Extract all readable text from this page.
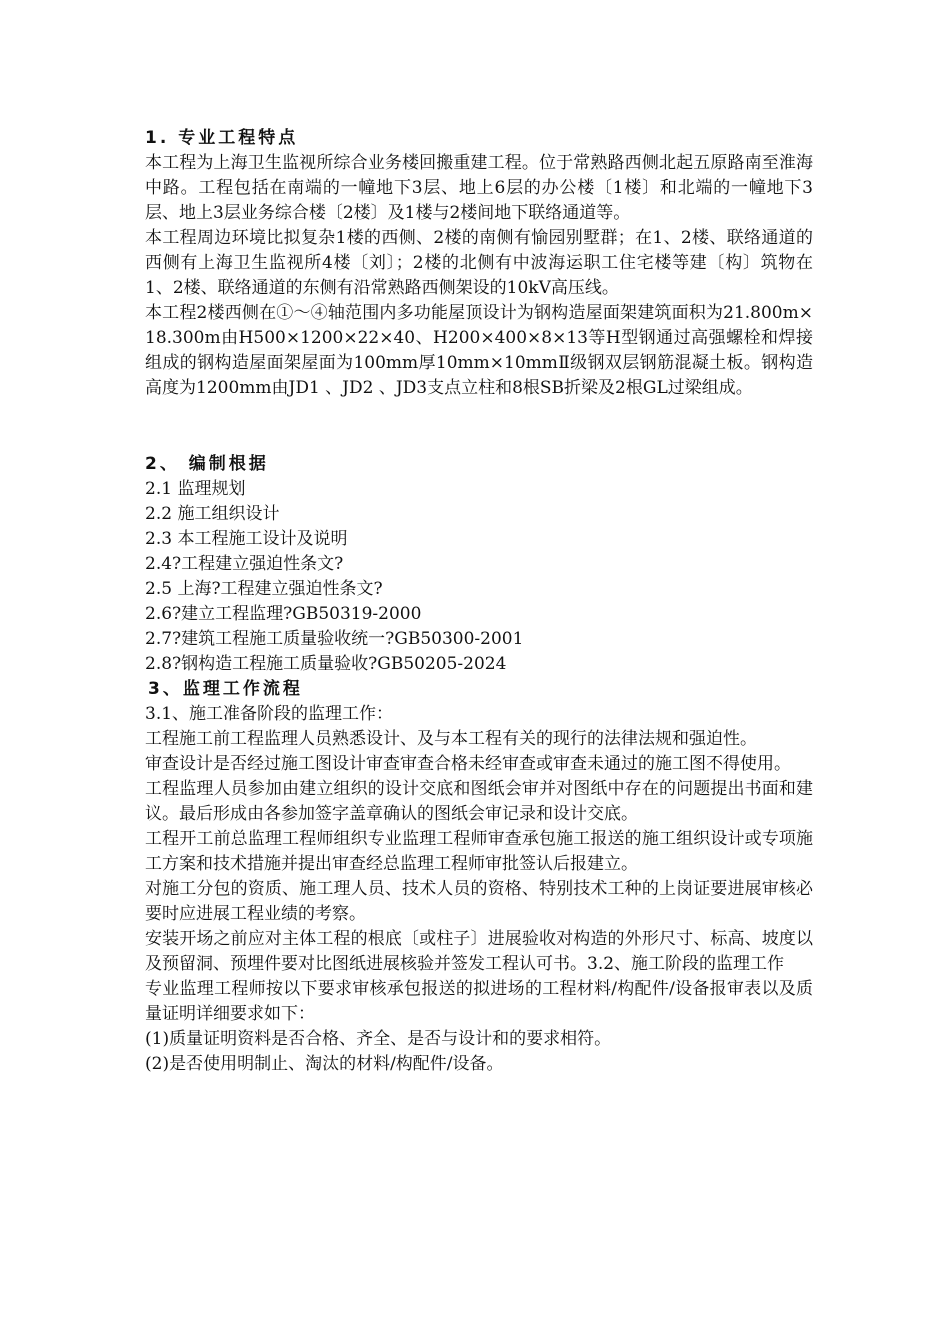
1. 专业工程特点

本工程为上海卫生监视所综合业务楼回搬重建工程。位于常熟路西侧北起五原路南至淮海中路。工程包括在南端的一幢地下3层、地上6层的办公楼〔1楼〕和北端的一幢地下3层、地上3层业务综合楼〔2楼〕及1楼与2楼间地下联络通道等。

本工程周边环境比拟复杂1楼的西侧、2楼的南侧有愉园别墅群；在1、2楼、联络通道的西侧有上海卫生监视所4楼〔刘〕；2楼的北侧有中波海运职工住宅楼等建〔构〕筑物在1、2楼、联络通道的东侧有沿常熟路西侧架设的10kV高压线。

本工程2楼西侧在①～④轴范围内多功能屋顶设计为钢构造屋面架建筑面积为21.800m×18.300m由H500×1200×22×40、H200×400×8×13等H型钢通过高强螺栓和焊接组成的钢构造屋面架屋面为100mm厚10mm×10mmⅡ级钢双层钢筋混凝土板。钢构造高度为1200mm由JD1 、JD2 、JD3支点立柱和8根SB折梁及2根GL过梁组成。

2、 编制根据

2.1 监理规划

2.2 施工组织设计

2.3 本工程施工设计及说明

2.4?工程建立强迫性条文?

2.5 上海?工程建立强迫性条文?

2.6?建立工程监理?GB50319-2000

2.7?建筑工程施工质量验收统一?GB50300-2001

2.8?钢构造工程施工质量验收?GB50205-2024

3、监理工作流程

3.1、施工准备阶段的监理工作：

工程施工前工程监理人员熟悉设计、及与本工程有关的现行的法律法规和强迫性。

审查设计是否经过施工图设计审查审查合格未经审查或审查未通过的施工图不得使用。

工程监理人员参加由建立组织的设计交底和图纸会审并对图纸中存在的问题提出书面和建议。最后形成由各参加签字盖章确认的图纸会审记录和设计交底。

工程开工前总监理工程师组织专业监理工程师审查承包施工报送的施工组织设计或专项施工方案和技术措施并提出审查经总监理工程师审批签认后报建立。

对施工分包的资质、施工理人员、技术人员的资格、特别技术工种的上岗证要进展审核必要时应进展工程业绩的考察。

安装开场之前应对主体工程的根底〔或柱子〕进展验收对构造的外形尺寸、标高、坡度以及预留洞、预埋件要对比图纸进展核验并签发工程认可书。3.2、施工阶段的监理工作

专业监理工程师按以下要求审核承包报送的拟进场的工程材料/构配件/设备报审表以及质量证明详细要求如下：

(1)质量证明资料是否合格、齐全、是否与设计和的要求相符。

(2)是否使用明制止、淘汰的材料/构配件/设备。
